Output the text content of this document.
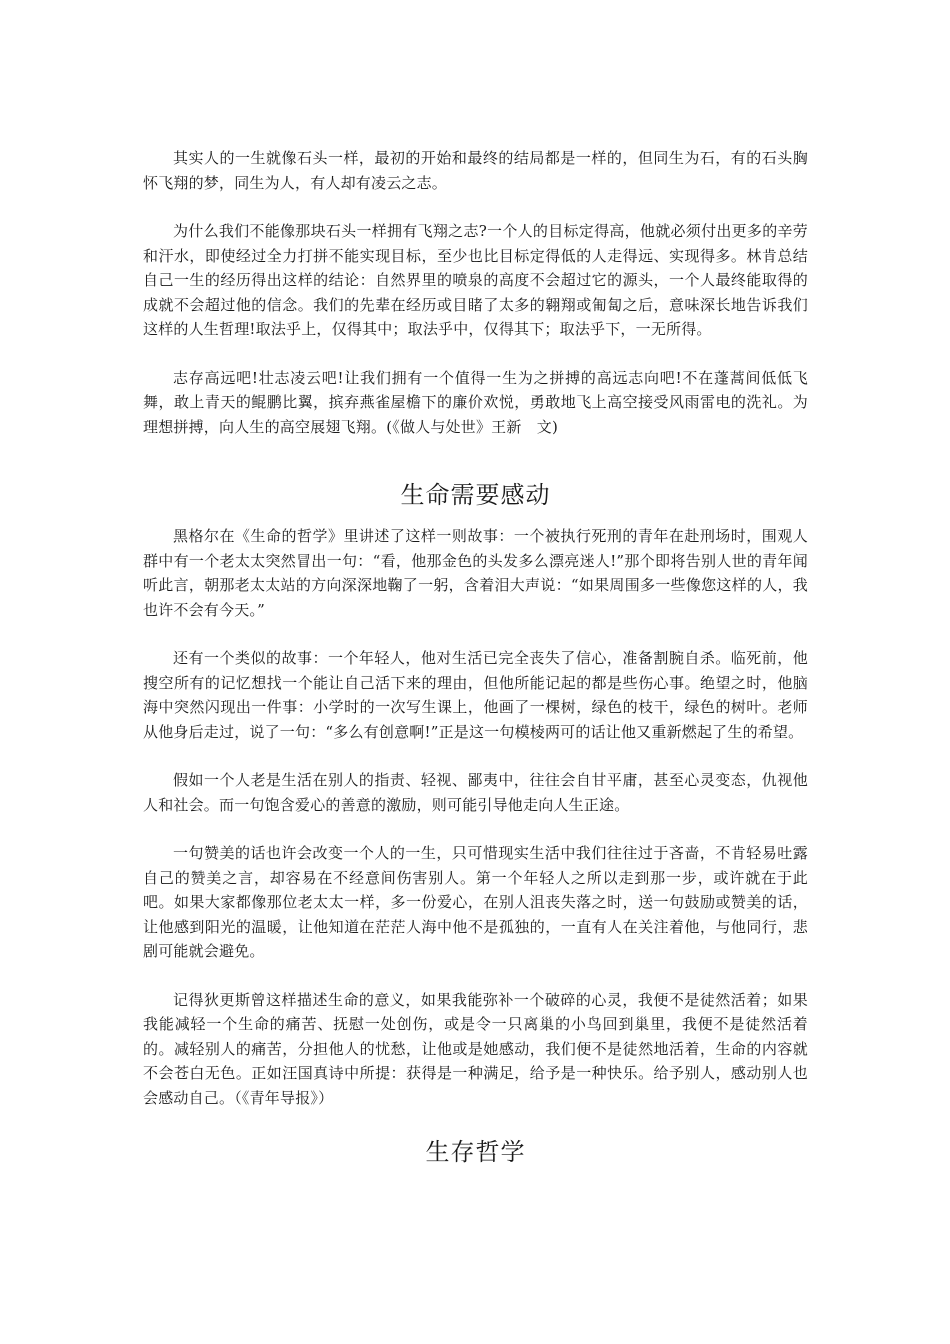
其实人的一生就像石头一样，最初的开始和最终的结局都是一样的，但同生为石，有的石头胸怀飞翔的梦，同生为人，有人却有凌云之志。

为什么我们不能像那块石头一样拥有飞翔之志?一个人的目标定得高，他就必须付出更多的辛劳和汗水，即使经过全力打拼不能实现目标，至少也比目标定得低的人走得远、实现得多。林肯总结自己一生的经历得出这样的结论：自然界里的喷泉的高度不会超过它的源头，一个人最终能取得的成就不会超过他的信念。我们的先辈在经历或目睹了太多的翱翔或匍匐之后，意味深长地告诉我们这样的人生哲理!取法乎上，仅得其中；取法乎中，仅得其下；取法乎下，一无所得。

志存高远吧!壮志凌云吧!让我们拥有一个值得一生为之拼搏的高远志向吧!不在蓬蒿间低低飞舞，敢上青天的鲲鹏比翼，摈弃燕雀屋檐下的廉价欢悦，勇敢地飞上高空接受风雨雷电的洗礼。为理想拼搏，向人生的高空展翅飞翔。(《做人与处世》王新　文)

生命需要感动

黑格尔在《生命的哲学》里讲述了这样一则故事：一个被执行死刑的青年在赴刑场时，围观人群中有一个老太太突然冒出一句：“看，他那金色的头发多么漂亮迷人!”那个即将告别人世的青年闻听此言，朝那老太太站的方向深深地鞠了一躬，含着泪大声说：“如果周围多一些像您这样的人，我也许不会有今天。”

还有一个类似的故事：一个年轻人，他对生活已完全丧失了信心，准备割腕自杀。临死前，他搜空所有的记忆想找一个能让自己活下来的理由，但他所能记起的都是些伤心事。绝望之时，他脑海中突然闪现出一件事：小学时的一次写生课上，他画了一棵树，绿色的枝干，绿色的树叶。老师从他身后走过，说了一句：“多么有创意啊!”正是这一句模棱两可的话让他又重新燃起了生的希望。

假如一个人老是生活在别人的指责、轻视、鄙夷中，往往会自甘平庸，甚至心灵变态，仇视他人和社会。而一句饱含爱心的善意的激励，则可能引导他走向人生正途。

一句赞美的话也许会改变一个人的一生，只可惜现实生活中我们往往过于吝啬，不肯轻易吐露自己的赞美之言，却容易在不经意间伤害别人。第一个年轻人之所以走到那一步，或许就在于此吧。如果大家都像那位老太太一样，多一份爱心，在别人沮丧失落之时，送一句鼓励或赞美的话，让他感到阳光的温暖，让他知道在茫茫人海中他不是孤独的，一直有人在关注着他，与他同行，悲剧可能就会避免。

记得狄更斯曾这样描述生命的意义，如果我能弥补一个破碎的心灵，我便不是徒然活着；如果我能减轻一个生命的痛苦、抚慰一处创伤，或是令一只离巢的小鸟回到巢里，我便不是徒然活着的。减轻别人的痛苦，分担他人的忧愁，让他或是她感动，我们便不是徒然地活着，生命的内容就不会苍白无色。正如汪国真诗中所提：获得是一种满足，给予是一种快乐。给予别人，感动别人也会感动自己。（《青年导报》）

生存哲学
